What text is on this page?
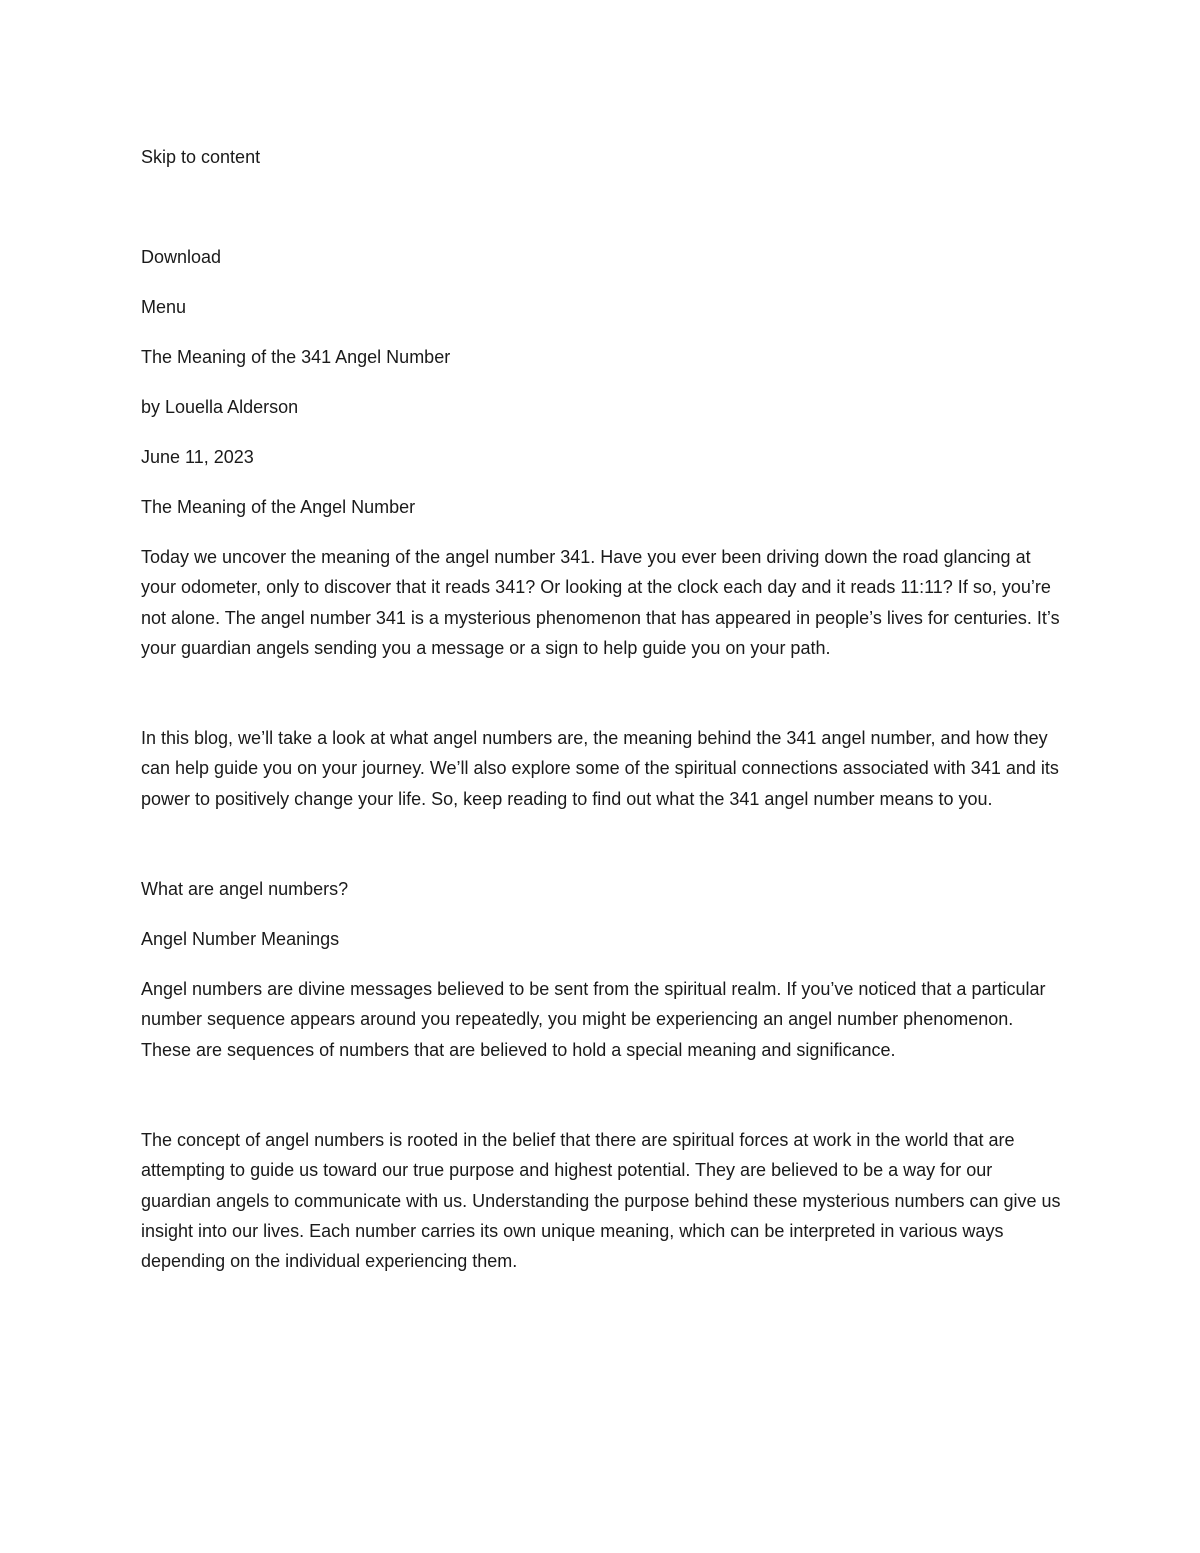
Skip to content

Download

Menu

The Meaning of the 341 Angel Number

by Louella Alderson

June 11, 2023

The Meaning of the Angel Number

Today we uncover the meaning of the angel number 341. Have you ever been driving down the road glancing at your odometer, only to discover that it reads 341? Or looking at the clock each day and it reads 11:11? If so, you’re not alone. The angel number 341 is a mysterious phenomenon that has appeared in people’s lives for centuries. It’s your guardian angels sending you a message or a sign to help guide you on your path.

In this blog, we’ll take a look at what angel numbers are, the meaning behind the 341 angel number, and how they can help guide you on your journey. We’ll also explore some of the spiritual connections associated with 341 and its power to positively change your life. So, keep reading to find out what the 341 angel number means to you.

What are angel numbers?

Angel Number Meanings

Angel numbers are divine messages believed to be sent from the spiritual realm. If you’ve noticed that a particular number sequence appears around you repeatedly, you might be experiencing an angel number phenomenon. These are sequences of numbers that are believed to hold a special meaning and significance.

The concept of angel numbers is rooted in the belief that there are spiritual forces at work in the world that are attempting to guide us toward our true purpose and highest potential. They are believed to be a way for our guardian angels to communicate with us. Understanding the purpose behind these mysterious numbers can give us insight into our lives. Each number carries its own unique meaning, which can be interpreted in various ways depending on the individual experiencing them.
